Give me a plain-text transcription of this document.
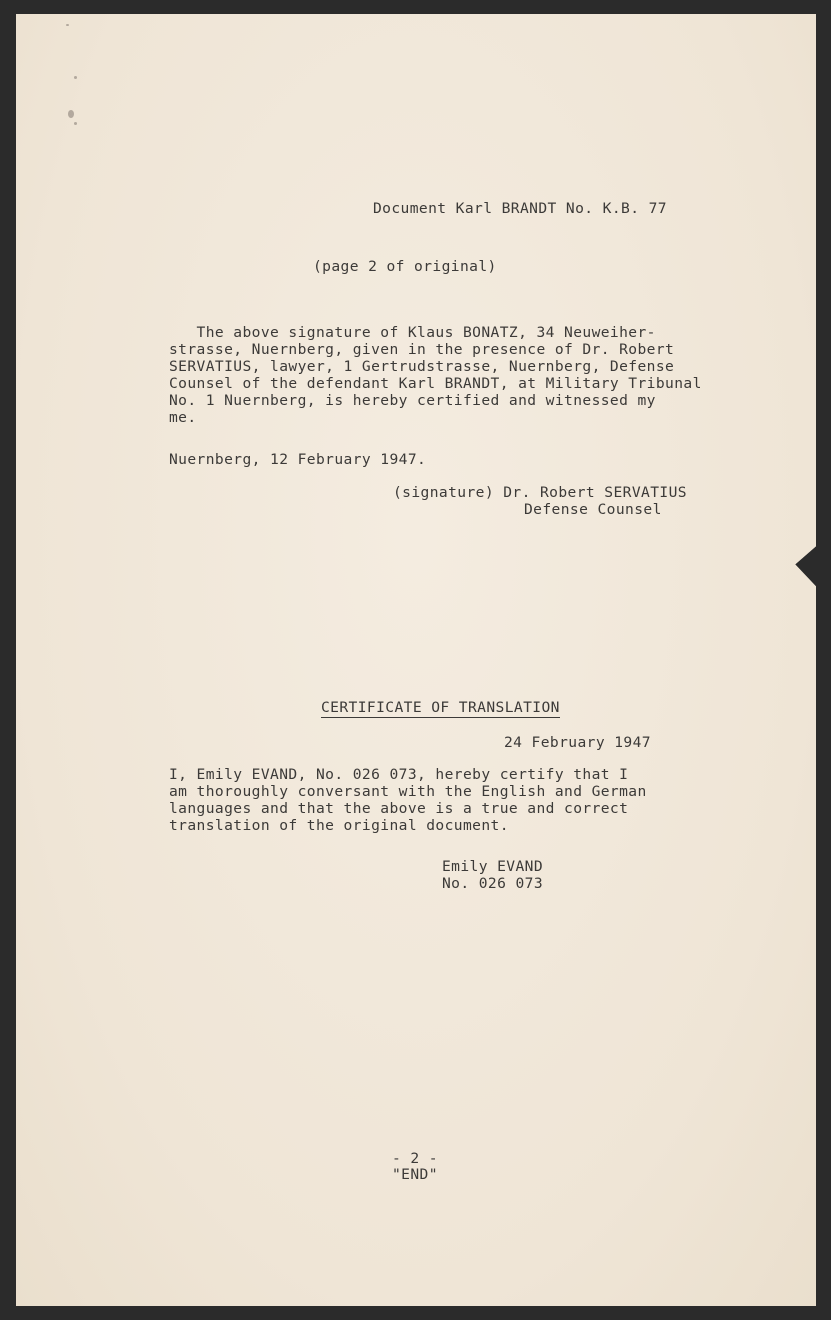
Document Karl BRANDT No. K.B. 77
(page 2 of original)
The above signature of Klaus BONATZ, 34 Neuweiher-
strasse, Nuernberg, given in the presence of Dr. Robert
SERVATIUS, lawyer, 1 Gertrudstrasse, Nuernberg, Defense
Counsel of the defendant Karl BRANDT, at Military Tribunal
No. 1 Nuernberg, is hereby certified and witnessed my
me.
Nuernberg, 12 February 1947.
(signature) Dr. Robert SERVATIUS
Defense Counsel
CERTIFICATE OF TRANSLATION
24 February 1947
I, Emily EVAND, No. 026 073, hereby certify that I
am thoroughly conversant with the English and German
languages and that the above is a true and correct
translation of the original document.
Emily EVAND
No. 026 073
- 2 -
"END"
